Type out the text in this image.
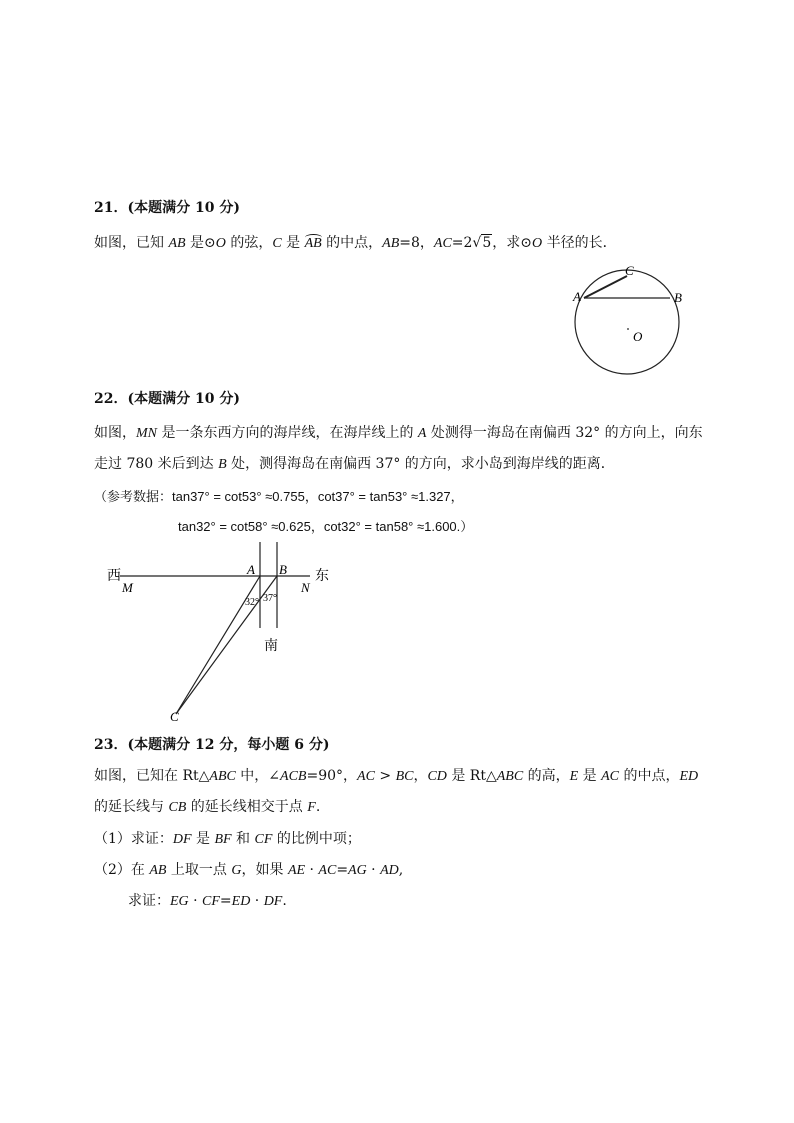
21．(本题满分 10 分)
如图，已知 AB 是⊙O 的弦，C 是
AB 的中点，AB=8，AC=2√5，求⊙O 半径的长．
C
A	B
O
22．(本题满分 10 分)
如图，MN 是一条东西方向的海岸线，在海岸线上的 A 处测得一海岛在南偏西 32° 的方向上，向东
走过 780 米后到达 B 处，测得海岛在南偏西 37° 的方向，求小岛到海岸线的距离．
（参考数据：tan37° = cot53° ≈0.755，cot37° = tan53° ≈1.327，
tan32° = cot58° ≈0.625，cot32° = tan58° ≈1.600.）
西	东
南
M	N
A B
C
32° 37°
23．(本题满分 12 分，每小题 6 分)
如图，已知在 Rt△ABC 中，∠ACB=90°，AC > BC，CD 是 Rt△ABC 的高，E 是 AC 的中点，ED
的延长线与 CB 的延长线相交于点 F.
（1）求证：DF 是 BF 和 CF 的比例中项；
（2）在 AB 上取一点 G，如果 AE · AC=AG · AD,
求证：EG · CF=ED · DF.
